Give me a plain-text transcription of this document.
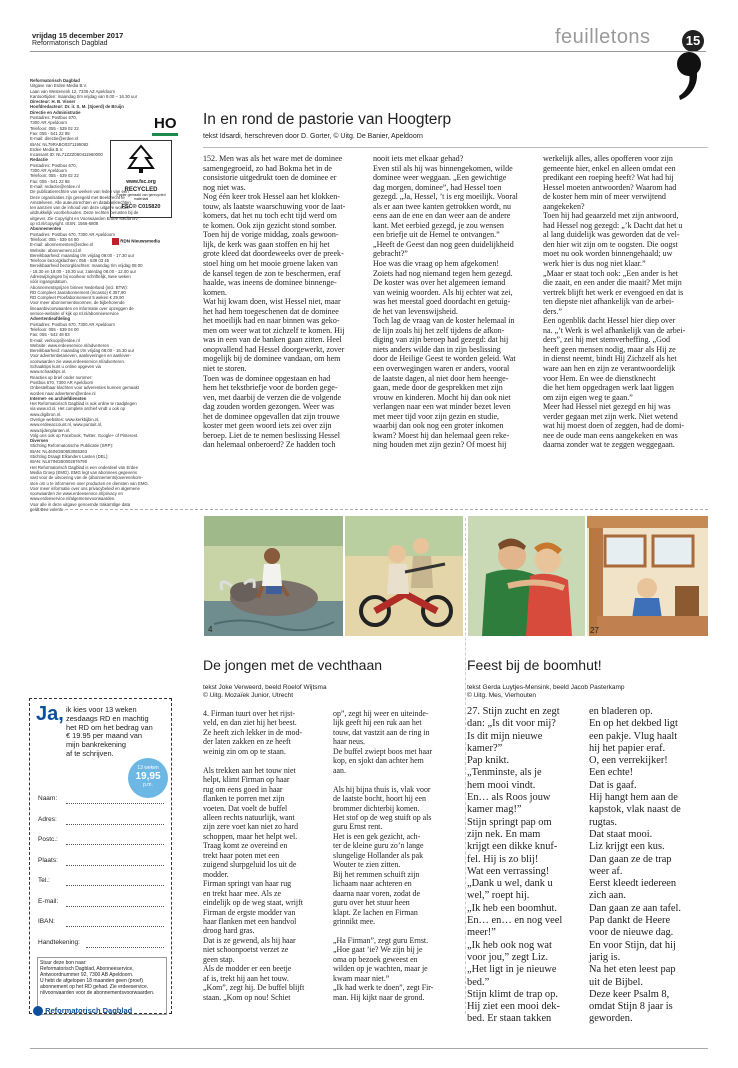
vrijdag 15 december 2017
Reformatorisch Dagblad	feuilletons	15
Reformatorisch Dagblad
Uitgave van Erdee Media B.V.
Laan van Westenenk 12, 7336 AZ Apeldoorn
Kantoortijden: maandag t/m vrijdag van 8.00 – 16.30 uur
Directeur: H. B. Visser
Hoofdredacteur: Dr. ir. S. M. (Sjoerd) de Bruijn
Directie en Administratie
Postadres: Postbus 670,
7300 AR Apeldoorn
Telefoon: 055 - 539 02 22
Fax: 055 - 541 22 88
E-mail: directie@erdee.nl
IBAN: NL79RABO0371195082
Erdee Media B.V.
Incassant ID: NL71ZZZ080411960000
Redactie
Postadres: Postbus 670,
7300 AR Apeldoorn
Telefoon: 055 - 539 02 22
Fax: 055 - 541 22 88
E-mail: redactie@erdee.nl
De publicatierechten van werken van leden van een
Deze organisaties zijn geregeld met Beeldrecht te
Amstelveen. Alle auteursrechten en databankrechten
ten aanzien van de inhoud van deze uitgave worden
uitdrukkelijk voorbehouden. Deze rechten berusten bij de
uitgever. Zie Copyright en Voorwaarden Erdee Media BV
op rd.nl/copyright. ISSN: 1566-6808
Abonnementen
Postadres: Postbus 670, 7300 AR Apeldoorn
Telefoon: 055 - 539 04 80
E-mail: abonnementen@erdee.nl
Website: abonnement.rd.nl
Bereikbaarheid: maandag t/m vrijdag 08.00 - 17.30 uur
Telefoon bezorgklachten: 055 - 539 03 45
Bereikbaarheid bezorgklachten: maandag t/m vrijdag 08.00
- 18.30 en 19.00 - 19.30 uur, zaterdag 08.00 - 12.00 uur
Adreswijzigingen bij voorkeur schriftelijk, twee weken
vóór ingangsdatum.
Abonnementsprijzen binnen Nederland (incl. BTW):
RD Compleet Jaarabonnement (incasso) € 357,90
RD Compleet Proefabonnement 5 weken € 29,90
Voor meer abonnementsvormen, de bijbehorende
lineaanbivoorwaarden en informatie over opzeggen de
service-website of kijk op rd.nl/abonneeservice
Advertentieafdeling
Postadres: Postbus 670, 7300 AR Apeldoorn
Telefoon: 055 - 539 04 00
Fax: 055 - 542 48 83
E-mail: verkoop@erdee.nl
Website: www.erdeeservice.nl/adverteren
Bereikbaarheid: maandag t/m vrijdag 08.00 - 16.30 uur
Voor advertentietarieven, aanleveringen en aanlever-
voorwaarden zie www.erdeeservice.nl/adverteren.
Schaaktips kunt u online opgeven via
www.schaaktips.nl.
Reacties op brief onder nummer:
Postbus 670, 7300 AR Apeldoorn
Onbestelbaar klachten voor adverenties kunnen gemaakt
worden naar adverteren@erdee.nl
Internet- en archiefdiensten
Het Reformatorisch Dagblad is ook online te raadplegen
via www.rd.nl. Het complete archief vindt u ook op
www.digibron.nl.
Overige websites: www.kerkbijbin.nl,
www.erdeeaccount.nl, www.puntuit.nl,
www.tijdenplanten.nl.
Volg ons ook op Facebook, Twitter, Google+ of Pinterest.
Diversen
Stichting Reformatorische Publicatie (SRP):
IBAN: NL46INGB0653065363
Stichting Draagt Elkanders Lasten (DEL):
IBAN: NL67INGB0002976790
Het Reformatorisch Dagblad is een onderdeel van Erdee
Media Groep (EMG). EMG legt van abonnees gegevens
vast voor de uitvoering van de (abonnements)overeenkom-
sten om u te informeren over producten en diensten van EMG.
Voor meer informatie over ons privacybeleid en algemene
voorwaarden zie www.erdeeservice.nl/privacy en
www.erdeeservice.nl/algemenevoorwaarden.
Voor alle in deze uitgave genoemde trakamtlige data
geldt Deo volente.
HO
www.fsc.org
RECYCLED
Papier gemaakt van gerecycled materiaal
FSC® C015820
RDN Nieuwsmedia
In en rond de pastorie van Hoogterp
tekst Idsardi, herschreven door D. Gorter, © Uitg. De Banier, Apeldoorn
152. Men was als het ware met de dominee
samengegroeid, zo had Bokma het in de
consistorie uitgedrukt toen de dominee er
nog niet was.
Nog één keer trok Hessel aan het klokken-
touw, als laatste waarschuwing voor de laat-
komers, dat het nu toch echt tijd werd om
te komen. Ook zijn gezicht stond somber.
Toen hij de vorige middag, zoals gewoon-
lijk, de kerk was gaan stoffen en hij het
grote kleed dat doordeweeks over de preek-
stoel hing om het mooie groene laken van
de kansel tegen de zon te beschermen, eraf
haalde, was ineens de dominee binnenge-
komen.
Wat hij kwam doen, wist Hessel niet, maar
het had hem toegeschenen dat de dominee
het moeilijk had en naar binnen was geko-
men om weer wat tot zichzelf te komen. Hij
was in een van de banken gaan zitten. Heel
onopvallend had Hessel doorgewerkt, zover
mogelijk bij de dominee vandaan, om hem
niet te storen.
Toen was de dominee opgestaan en had
hem het tekstbriefje voor de borden gege-
ven, met daarbij de verzen die de volgende
dag zouden worden gezongen. Weer was
het de dominee opgevallen dat zijn trouwe
koster met geen woord iets zei over zijn
beroep. Liet de te nemen beslissing Hessel
dan helemaal onberoerd? Ze hadden toch
nooit iets met elkaar gehad?
Even stil als hij was binnengekomen, wilde
dominee weer weggaan. „Een gewichtige
dag morgen, dominee”, had Hessel toen
gezegd. „Ja, Hessel, ’t is erg moeilijk. Vooral
als er aan twee kanten getrokken wordt, nu
eens aan de ene en dan weer aan de andere
kant. Met eerbied gezegd, je zou wensen
een briefje uit de Hemel te ontvangen.”
„Heeft de Geest dan nog geen duidelijkheid
gebracht?”
Hoe was die vraag op hem afgekomen!
Zoiets had nog niemand tegen hem gezegd.
De koster was over het algemeen iemand
van weinig woorden. Als hij echter wat zei,
was het meestal goed doordacht en getuig-
de het van levenswijsheid.
Toch lag de vraag van de koster helemaal in
de lijn zoals hij het zelf tijdens de afkon-
diging van zijn beroep had gezegd: dat hij
niets anders wilde dan in zijn beslissing
door de Heilige Geest te worden geleid. Wat
een overwegingen waren er anders, vooral
de laatste dagen, al niet door hem heenge-
gaan, mede door de gesprekken met zijn
vrouw en kinderen. Mocht hij dan ook niet
verlangen naar een wat minder bezet leven
met meer tijd voor zijn gezin en studie,
waarbij dan ook nog een groter inkomen
kwam? Moest hij dan helemaal geen reke-
ning houden met zijn gezin? Of moest hij
werkelijk alles, alles opofferen voor zijn
gemeente hier, enkel en alleen omdat een
predikant een roeping heeft? Wat had hij
Hessel moeten antwoorden? Waarom had
de koster hem min of meer verwijtend
aangekeken?
Toen hij had geaarzeld met zijn antwoord,
had Hessel nog gezegd: „’k Dacht dat het u
al lang duidelijk was geworden dat de vel-
den hier wit zijn om te oogsten. Die oogst
moet nu ook worden binnengehaald; uw
werk hier is dus nog niet klaar.”
„Maar er staat toch ook: „Een ander is het
die zaait, en een ander die maait? Met mijn
vertrek blijft het werk er evengoed en dat is
ten diepste niet afhankelijk van de arbei-
ders.”
Een ogenblik dacht Hessel hier diep over
na. „’t Werk is wel afhankelijk van de arbei-
ders”, zei hij met stemverheffing. „God
heeft geen mensen nodig, maar als Hij ze
in dienst neemt, bindt Hij Zichzelf als het
ware aan hen en zijn ze verantwoordelijk
voor Hem. En wee de dienstknecht
die het hem opgedragen werk laat liggen
om zijn eigen weg te gaan.”
Meer had Hessel niet gezegd en hij was
verder gegaan met zijn werk. Niet wetend
wat hij moest doen of zeggen, had de domi-
nee de oude man eens aangekeken en was
daarna zonder wat te zeggen weggegaan.
4	27
De jongen met de vechthaan
tekst Joke Verweerd, beeld Roelof Wijtsma
© Uitg. Mozaïek Junior, Utrecht
4. Firman tuurt over het rijst-
veld, en dan ziet hij het beest.
Ze heeft zich lekker in de mod-
der laten zakken en ze heeft
weinig zin om op te staan.

Als trekken aan het touw niet
helpt, klimt Firman op haar
rug om eens goed in haar
flanken te porren met zijn
voeten. Dat voelt de buffel
alleen rechts natuurlijk, want
zijn zere voet kan niet zo hard
schoppen, maar het helpt wel.
Traag komt ze overeind en
trekt haar poten met een
zuigend slurpgeluid los uit de
modder.
Firman springt van haar rug
en trekt haar mee. Als ze
eindelijk op de weg staat, wrijft
Firman de ergste modder van
haar flanken met een handvol
droog hard gras.
Dat is ze gewend, als hij haar
niet schoonpoetst verzet ze
geen stap.
Als de modder er een beetje
af is, trekt hij aan het touw.
„Kom”, zegt hij. De buffel blijft
staan. „Kom op nou! Schiet
op”, zegt hij weer en uiteinde-
lijk geeft hij een ruk aan het
touw, dat vastzit aan de ring in
haar neus.
De buffel zwiept boos met haar
kop, en sjokt dan achter hem
aan.

Als hij bijna thuis is, vlak voor
de laatste bocht, hoort hij een
brommer dichterbij komen.
Het stof op de weg stuift op als
guru Ernst rent.
Het is een gek gezicht, ach-
ter de kleine guru zo’n lange
slungelige Hollander als pak
Wouter te zien zitten.
Bij het remmen schuift zijn
lichaam naar achteren en
daarna naar voren, zodat de
guru over het stuur heen
klapt. Ze lachen en Firman
grinnikt mee.

„Ha Firman”, zegt guru Ernst.
„Hoe gaat ’ie? We zijn bij je
oma op bezoek geweest en
wilden op je wachten, maar je
kwam maar niet.”
„Ik had werk te doen”, zegt Fir-
man. Hij kijkt naar de grond.
Feest bij de boomhut!
tekst Gerda Luytjes-Mensink, beeld Jacob Pasterkamp
© Uitg. Mes, Vierhouten
27. Stijn zucht en zegt
dan: „Is dit voor mij?
Is dit mijn nieuwe
kamer?”
Pap knikt.
„Tenminste, als je
hem mooi vindt.
En… als Roos jouw
kamer mag!”
Stijn springt pap om
zijn nek. En mam
krijgt een dikke knuf-
fel. Hij is zo blij!
Wat een verrassing!
„Dank u wel, dank u
wel,” roept hij.
„Ik heb een boomhut.
En… en… en nog veel
meer!”
„Ik heb ook nog wat
voor jou,” zegt Liz.
„Het ligt in je nieuwe
bed.”
Stijn klimt de trap op.
Hij ziet een mooi dek-
bed. Er staan takken
en bladeren op.
En op het dekbed ligt
een pakje. Vlug haalt
hij het papier eraf.
O, een verrekijker!
Een echte!
Dat is gaaf.
Hij hangt hem aan de
kapstok, vlak naast de
rugtas.
Dat staat mooi.
Liz krijgt een kus.
Dan gaan ze de trap
weer af.
Eerst kleedt iedereen
zich aan.
Dan gaan ze aan tafel.
Pap dankt de Heere
voor de nieuwe dag.
En voor Stijn, dat hij
jarig is.
Na het eten leest pap
uit de Bijbel.
Deze keer Psalm 8,
omdat Stijn 8 jaar is
geworden.
Ja, ik kies voor 13 weken
zesdaags RD en machtig
het RD om het bedrag van
€ 19.95 per maand van
mijn bankrekening
af te schrijven.
13 weken
19,95
p.m.
Naam:
Adres:
Postc.:
Plaats:
Tel.:
E-mail:
IBAN:
Handtekening:
Stuur deze bon naar:
Reformatorisch Dagblad, Abonneeservice,
Antwoordnummer 92, 7300 AB Apeldoorn.
U hebt de afgelopen 18 maanden geen (proef)
abonnement op het RD gehad. Zie erdeeservice.
nl/voorwaarden voor de abonnementsvoorwaarden.
Reformatorisch Dagblad
